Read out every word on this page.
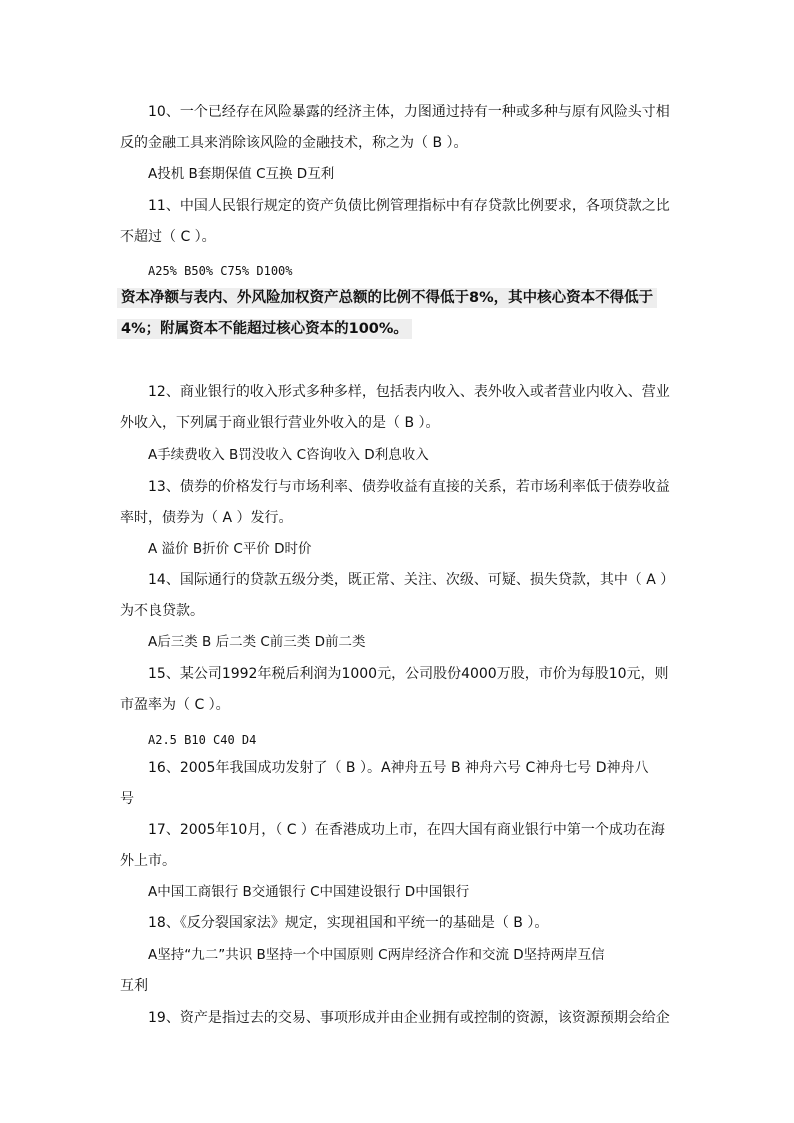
10、一个已经存在风险暴露的经济主体，力图通过持有一种或多种与原有风险头寸相
反的金融工具来消除该风险的金融技术，称之为（ B ）。
A投机 B套期保值 C互换 D互利
11、中国人民银行规定的资产负债比例管理指标中有存贷款比例要求，各项贷款之比
不超过（ C ）。
A25% B50% C75% D100%
资本净额与表内、外风险加权资产总额的比例不得低于8%，其中核心资本不得低于
4%；附属资本不能超过核心资本的100%。
12、商业银行的收入形式多种多样，包括表内收入、表外收入或者营业内收入、营业
外收入，下列属于商业银行营业外收入的是（ B ）。
A手续费收入 B罚没收入 C咨询收入 D利息收入
13、债券的价格发行与市场利率、债券收益有直接的关系，若市场利率低于债券收益
率时，债券为（ A ）发行。
A 溢价 B折价 C平价 D时价
14、国际通行的贷款五级分类，既正常、关注、次级、可疑、损失贷款，其中（ A ）
为不良贷款。
A后三类 B 后二类 C前三类 D前二类
15、某公司1992年税后利润为1000元，公司股份4000万股，市价为每股10元，则
市盈率为（ C ）。
A2.5 B10 C40 D4
16、2005年我国成功发射了（ B ）。A神舟五号 B 神舟六号 C神舟七号 D神舟八
号
17、2005年10月，（ C ）在香港成功上市，在四大国有商业银行中第一个成功在海
外上市。
A中国工商银行 B交通银行 C中国建设银行 D中国银行
18、《反分裂国家法》规定，实现祖国和平统一的基础是（ B ）。
A坚持“九二”共识 B坚持一个中国原则 C两岸经济合作和交流 D坚持两岸互信
互利
19、资产是指过去的交易、事项形成并由企业拥有或控制的资源，该资源预期会给企
